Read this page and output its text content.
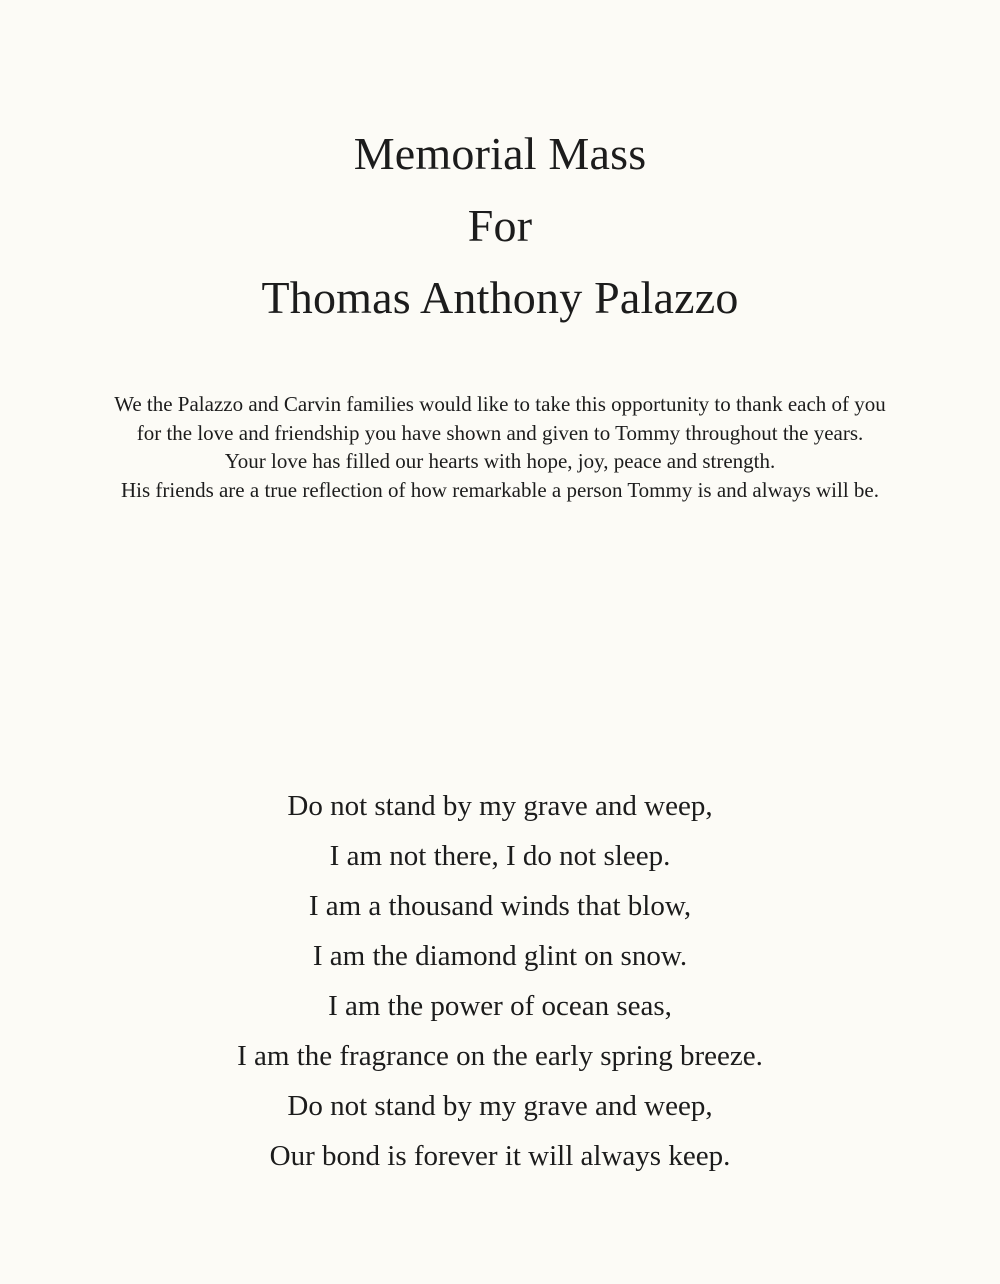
Memorial Mass
For
Thomas Anthony Palazzo
We the Palazzo and Carvin families would like to take this opportunity to thank each of you
for the love and friendship you have shown and given to Tommy throughout the years.
Your love has filled our hearts with hope, joy, peace and strength.
His friends are a true reflection of how remarkable a person Tommy is and always will be.
Do not stand by my grave and weep,
I am not there, I do not sleep.
I am a thousand winds that blow,
I am the diamond glint on snow.
I am the power of ocean seas,
I am the fragrance on the early spring breeze.
Do not stand by my grave and weep,
Our bond is forever it will always keep.
